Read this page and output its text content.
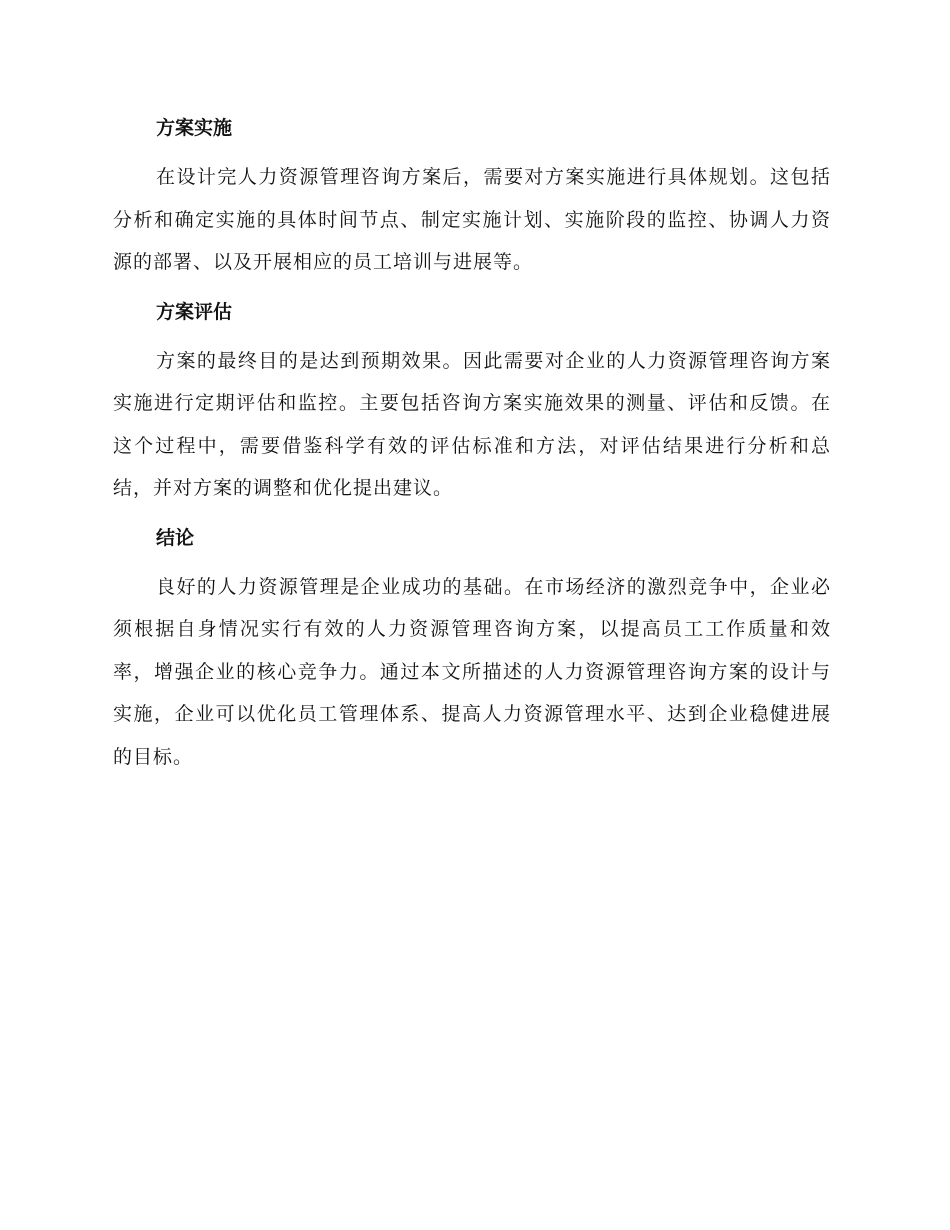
方案实施

在设计完人力资源管理咨询方案后，需要对方案实施进行具体规划。这包括分析和确定实施的具体时间节点、制定实施计划、实施阶段的监控、协调人力资源的部署、以及开展相应的员工培训与进展等。

方案评估

方案的最终目的是达到预期效果。因此需要对企业的人力资源管理咨询方案实施进行定期评估和监控。主要包括咨询方案实施效果的测量、评估和反馈。在这个过程中，需要借鉴科学有效的评估标准和方法，对评估结果进行分析和总结，并对方案的调整和优化提出建议。

结论

良好的人力资源管理是企业成功的基础。在市场经济的激烈竞争中，企业必须根据自身情况实行有效的人力资源管理咨询方案，以提高员工工作质量和效率，增强企业的核心竞争力。通过本文所描述的人力资源管理咨询方案的设计与实施，企业可以优化员工管理体系、提高人力资源管理水平、达到企业稳健进展的目标。
